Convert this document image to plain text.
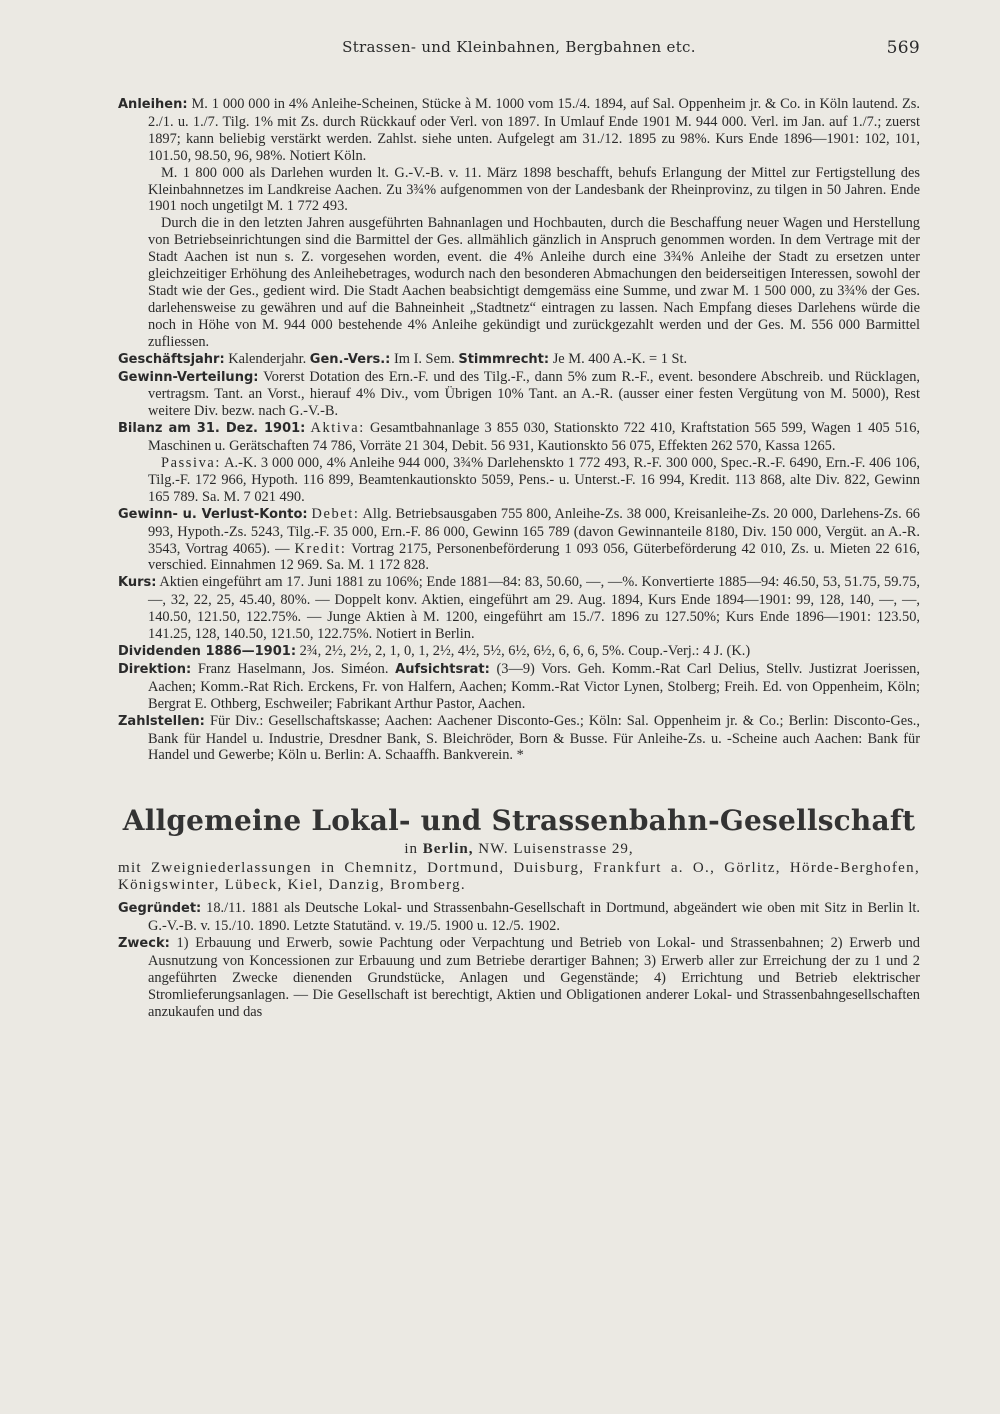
Strassen- und Kleinbahnen, Bergbahnen etc.	569

Anleihen: M. 1 000 000 in 4% Anleihe-Scheinen, Stücke à M. 1000 vom 15./4. 1894, auf Sal. Oppenheim jr. & Co. in Köln lautend. Zs. 2./1. u. 1./7. Tilg. 1% mit Zs. durch Rückkauf oder Verl. von 1897. In Umlauf Ende 1901 M. 944 000. Verl. im Jan. auf 1./7.; zuerst 1897; kann beliebig verstärkt werden. Zahlst. siehe unten. Aufgelegt am 31./12. 1895 zu 98%. Kurs Ende 1896—1901: 102, 101, 101.50, 98.50, 96, 98%. Notiert Köln.

M. 1 800 000 als Darlehen wurden lt. G.-V.-B. v. 11. März 1898 beschafft, behufs Erlangung der Mittel zur Fertigstellung des Kleinbahnnetzes im Landkreise Aachen. Zu 3¾% aufgenommen von der Landesbank der Rheinprovinz, zu tilgen in 50 Jahren. Ende 1901 noch ungetilgt M. 1 772 493.

Durch die in den letzten Jahren ausgeführten Bahnanlagen und Hochbauten, durch die Beschaffung neuer Wagen und Herstellung von Betriebseinrichtungen sind die Barmittel der Ges. allmählich gänzlich in Anspruch genommen worden. In dem Vertrage mit der Stadt Aachen ist nun s. Z. vorgesehen worden, event. die 4% Anleihe durch eine 3¾% Anleihe der Stadt zu ersetzen unter gleichzeitiger Erhöhung des Anleihebetrages, wodurch nach den besonderen Abmachungen den beiderseitigen Interessen, sowohl der Stadt wie der Ges., gedient wird. Die Stadt Aachen beabsichtigt demgemäss eine Summe, und zwar M. 1 500 000, zu 3¾% der Ges. darlehensweise zu gewähren und auf die Bahneinheit „Stadtnetz“ eintragen zu lassen. Nach Empfang dieses Darlehens würde die noch in Höhe von M. 944 000 bestehende 4% Anleihe gekündigt und zurückgezahlt werden und der Ges. M. 556 000 Barmittel zufliessen.

Geschäftsjahr: Kalenderjahr. Gen.-Vers.: Im I. Sem. Stimmrecht: Je M. 400 A.-K. = 1 St.

Gewinn-Verteilung: Vorerst Dotation des Ern.-F. und des Tilg.-F., dann 5% zum R.-F., event. besondere Abschreib. und Rücklagen, vertragsm. Tant. an Vorst., hierauf 4% Div., vom Übrigen 10% Tant. an A.-R. (ausser einer festen Vergütung von M. 5000), Rest weitere Div. bezw. nach G.-V.-B.

Bilanz am 31. Dez. 1901: Aktiva: Gesamtbahnanlage 3 855 030, Stationskto 722 410, Kraftstation 565 599, Wagen 1 405 516, Maschinen u. Gerätschaften 74 786, Vorräte 21 304, Debit. 56 931, Kautionskto 56 075, Effekten 262 570, Kassa 1265.

Passiva: A.-K. 3 000 000, 4% Anleihe 944 000, 3¾% Darlehenskto 1 772 493, R.-F. 300 000, Spec.-R.-F. 6490, Ern.-F. 406 106, Tilg.-F. 172 966, Hypoth. 116 899, Beamtenkautionskto 5059, Pens.- u. Unterst.-F. 16 994, Kredit. 113 868, alte Div. 822, Gewinn 165 789. Sa. M. 7 021 490.

Gewinn- u. Verlust-Konto: Debet: Allg. Betriebsausgaben 755 800, Anleihe-Zs. 38 000, Kreisanleihe-Zs. 20 000, Darlehens-Zs. 66 993, Hypoth.-Zs. 5243, Tilg.-F. 35 000, Ern.-F. 86 000, Gewinn 165 789 (davon Gewinnanteile 8180, Div. 150 000, Vergüt. an A.-R. 3543, Vortrag 4065). — Kredit: Vortrag 2175, Personenbeförderung 1 093 056, Güterbeförderung 42 010, Zs. u. Mieten 22 616, verschied. Einnahmen 12 969. Sa. M. 1 172 828.

Kurs: Aktien eingeführt am 17. Juni 1881 zu 106%; Ende 1881—84: 83, 50.60, —, —%. Konvertierte 1885—94: 46.50, 53, 51.75, 59.75, —, 32, 22, 25, 45.40, 80%. — Doppelt konv. Aktien, eingeführt am 29. Aug. 1894, Kurs Ende 1894—1901: 99, 128, 140, —, —, 140.50, 121.50, 122.75%. — Junge Aktien à M. 1200, eingeführt am 15./7. 1896 zu 127.50%; Kurs Ende 1896—1901: 123.50, 141.25, 128, 140.50, 121.50, 122.75%. Notiert in Berlin.

Dividenden 1886—1901: 2¾, 2½, 2½, 2, 1, 0, 1, 2½, 4½, 5½, 6½, 6½, 6, 6, 6, 5%. Coup.-Verj.: 4 J. (K.)

Direktion: Franz Haselmann, Jos. Siméon. Aufsichtsrat: (3—9) Vors. Geh. Komm.-Rat Carl Delius, Stellv. Justizrat Joerissen, Aachen; Komm.-Rat Rich. Erckens, Fr. von Halfern, Aachen; Komm.-Rat Victor Lynen, Stolberg; Freih. Ed. von Oppenheim, Köln; Bergrat E. Othberg, Eschweiler; Fabrikant Arthur Pastor, Aachen.

Zahlstellen: Für Div.: Gesellschaftskasse; Aachen: Aachener Disconto-Ges.; Köln: Sal. Oppenheim jr. & Co.; Berlin: Disconto-Ges., Bank für Handel u. Industrie, Dresdner Bank, S. Bleichröder, Born & Busse. Für Anleihe-Zs. u. -Scheine auch Aachen: Bank für Handel und Gewerbe; Köln u. Berlin: A. Schaaffh. Bankverein. *

Allgemeine Lokal- und Strassenbahn-Gesellschaft

in Berlin, NW. Luisenstrasse 29,

mit Zweigniederlassungen in Chemnitz, Dortmund, Duisburg, Frankfurt a. O., Görlitz, Hörde-Berghofen, Königswinter, Lübeck, Kiel, Danzig, Bromberg.

Gegründet: 18./11. 1881 als Deutsche Lokal- und Strassenbahn-Gesellschaft in Dortmund, abgeändert wie oben mit Sitz in Berlin lt. G.-V.-B. v. 15./10. 1890. Letzte Statutänd. v. 19./5. 1900 u. 12./5. 1902.

Zweck: 1) Erbauung und Erwerb, sowie Pachtung oder Verpachtung und Betrieb von Lokal- und Strassenbahnen; 2) Erwerb und Ausnutzung von Koncessionen zur Erbauung und zum Betriebe derartiger Bahnen; 3) Erwerb aller zur Erreichung der zu 1 und 2 angeführten Zwecke dienenden Grundstücke, Anlagen und Gegenstände; 4) Errichtung und Betrieb elektrischer Stromlieferungsanlagen. — Die Gesellschaft ist berechtigt, Aktien und Obligationen anderer Lokal- und Strassenbahngesellschaften anzukaufen und das
